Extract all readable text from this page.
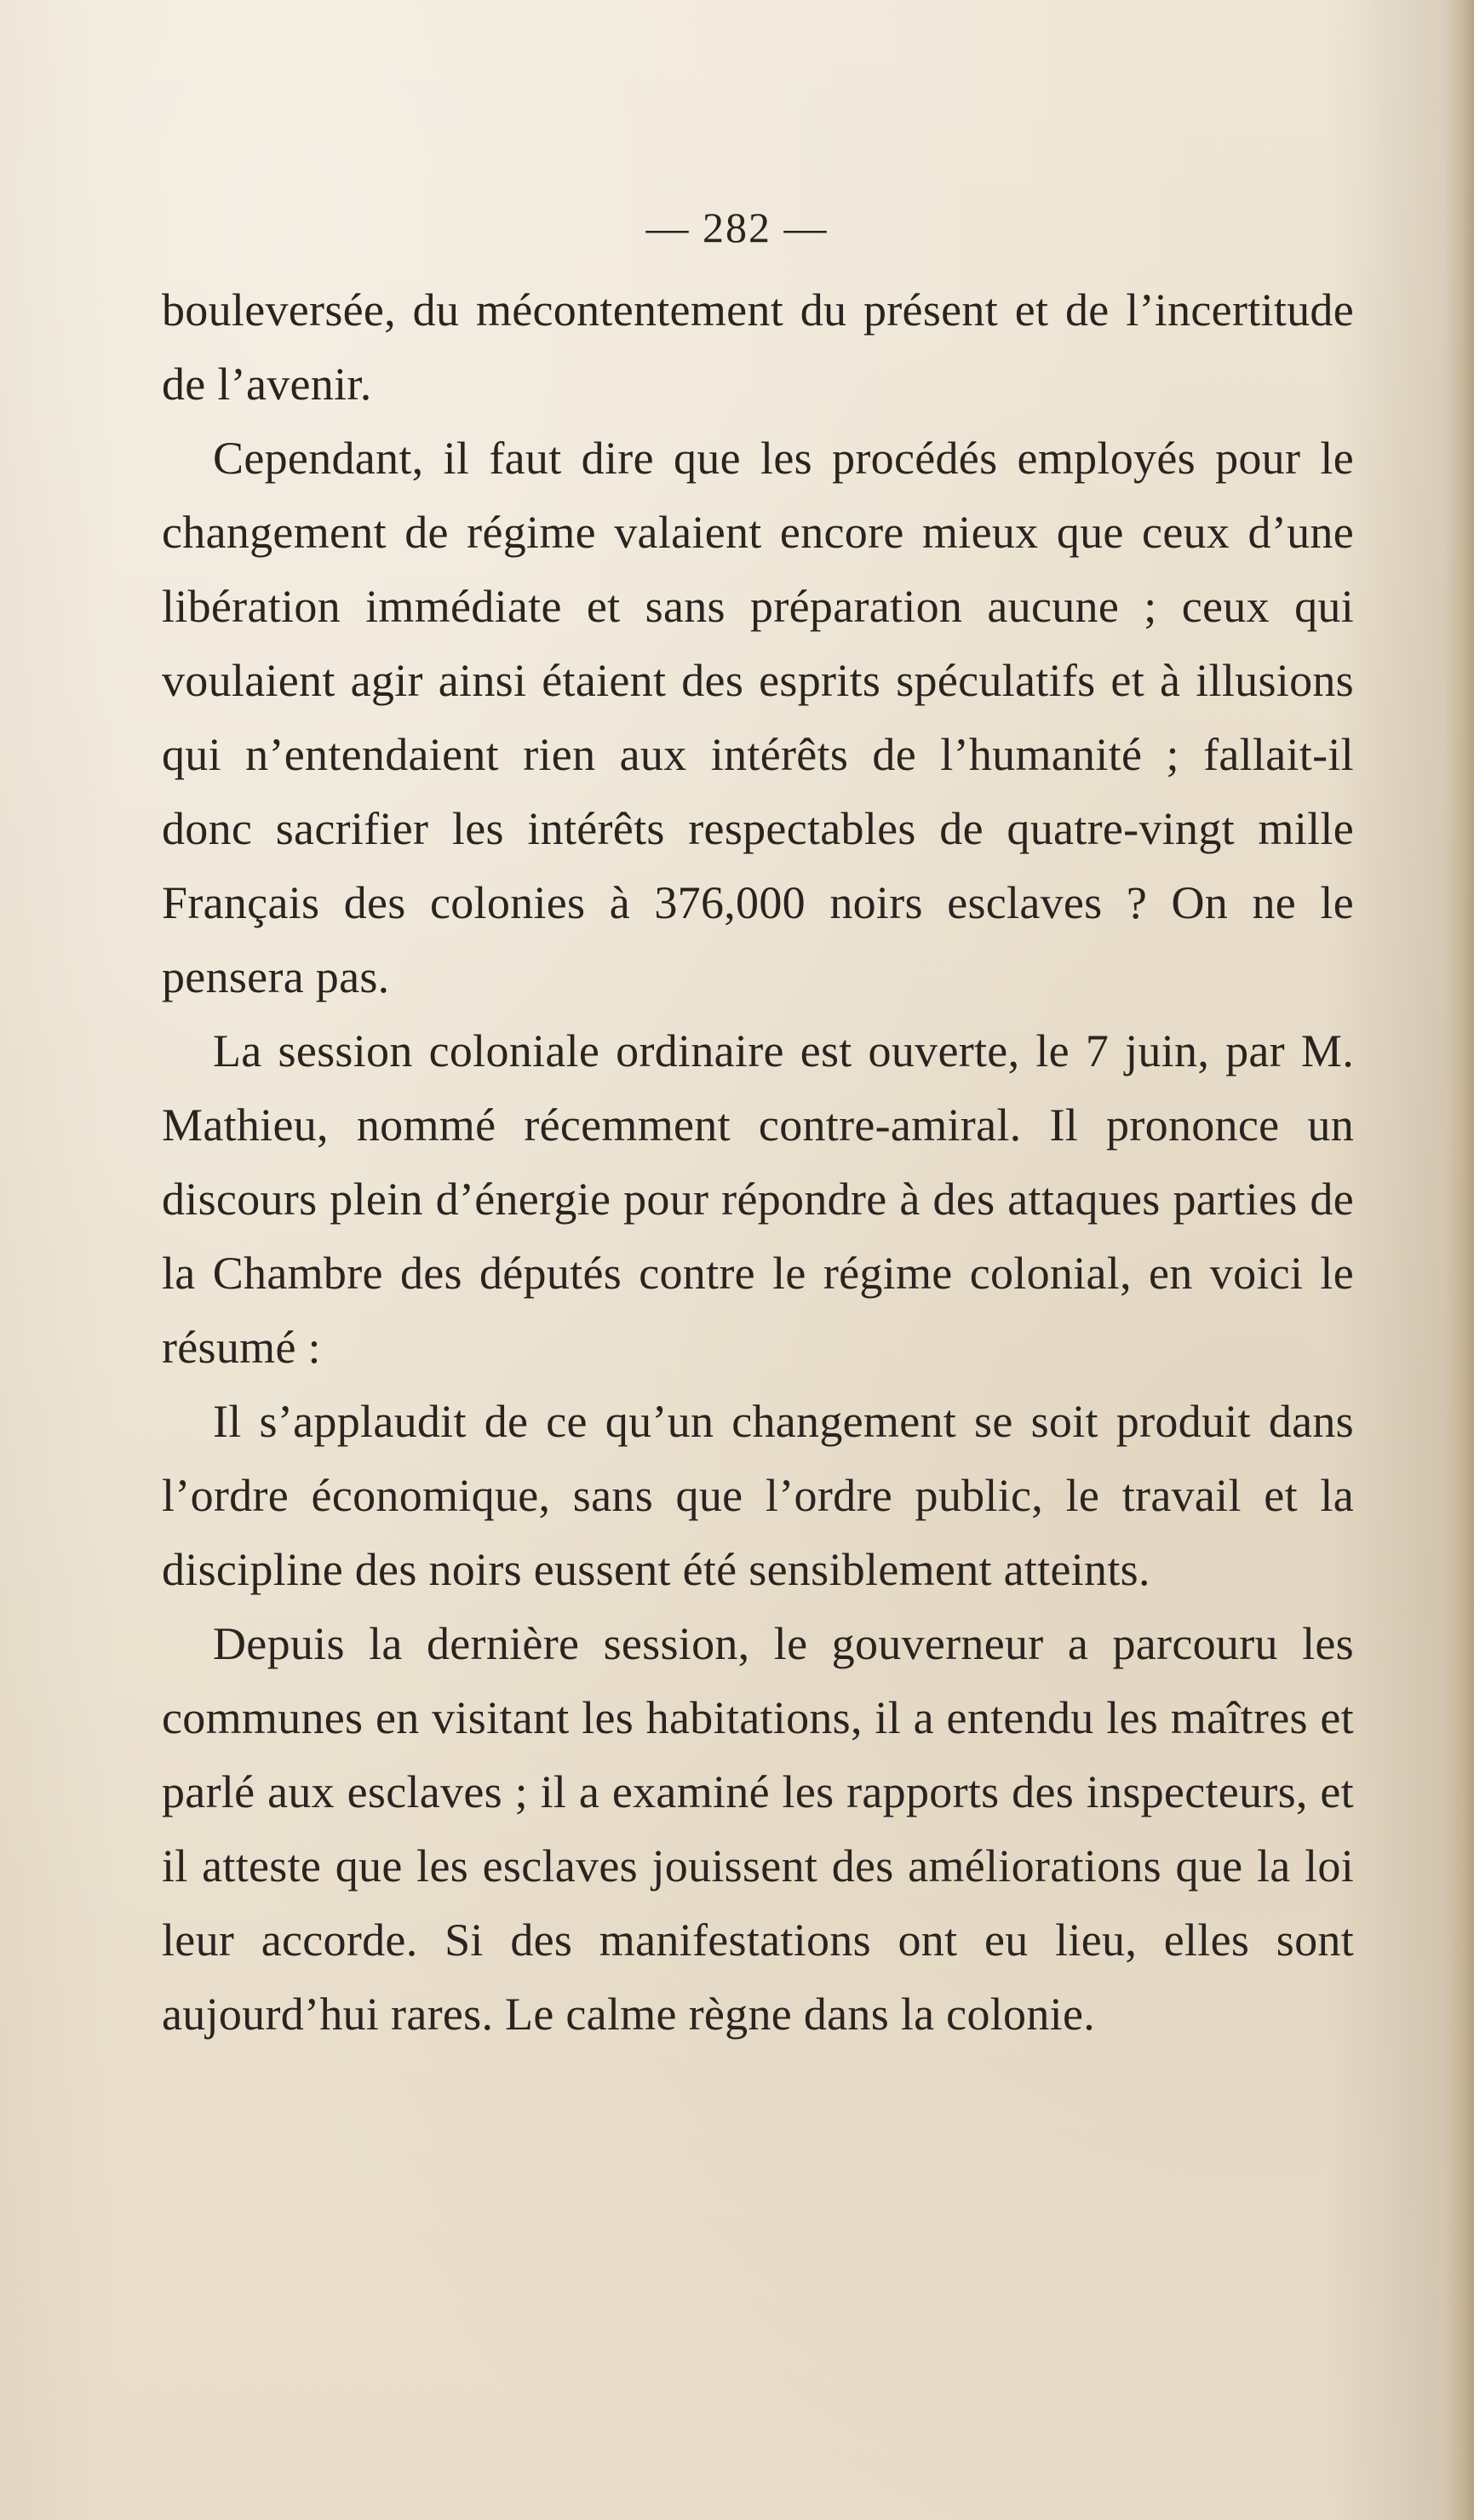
— 282 —

bouleversée, du mécontentement du présent et de l’incertitude de l’avenir.

Cependant, il faut dire que les procédés employés pour le changement de régime valaient encore mieux que ceux d’une libération immédiate et sans préparation aucune ; ceux qui voulaient agir ainsi étaient des esprits spéculatifs et à illusions qui n’entendaient rien aux intérêts de l’humanité ; fallait-il donc sacrifier les intérêts respectables de quatre-vingt mille Français des colonies à 376,000 noirs esclaves ? On ne le pensera pas.

La session coloniale ordinaire est ouverte, le 7 juin, par M. Mathieu, nommé récemment contre-amiral. Il prononce un discours plein d’énergie pour répondre à des attaques parties de la Chambre des députés contre le régime colonial, en voici le résumé :

Il s’applaudit de ce qu’un changement se soit produit dans l’ordre économique, sans que l’ordre public, le travail et la discipline des noirs eussent été sensiblement atteints.

Depuis la dernière session, le gouverneur a parcouru les communes en visitant les habitations, il a entendu les maîtres et parlé aux esclaves ; il a examiné les rapports des inspecteurs, et il atteste que les esclaves jouissent des améliorations que la loi leur accorde. Si des manifestations ont eu lieu, elles sont aujourd’hui rares. Le calme règne dans la colonie.
